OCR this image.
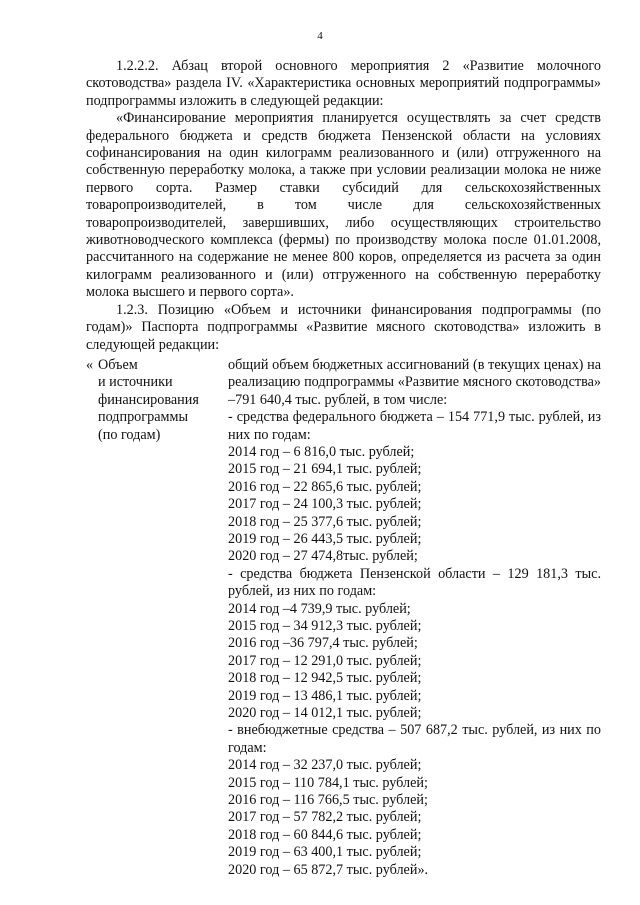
4

1.2.2.2. Абзац второй основного мероприятия 2 «Развитие молочного скотоводства» раздела IV. «Характеристика основных мероприятий подпрограммы» подпрограммы изложить в следующей редакции:

«Финансирование мероприятия планируется осуществлять за счет средств федерального бюджета и средств бюджета Пензенской области на условиях софинансирования на один килограмм реализованного и (или) отгруженного на собственную переработку молока, а также при условии реализации молока не ниже первого сорта. Размер ставки субсидий для сельскохозяйственных товаропроизводителей, в том числе для сельскохозяйственных товаропроизводителей, завершивших, либо осуществляющих строительство животноводческого комплекса (фермы) по производству молока после 01.01.2008, рассчитанного на содержание не менее 800 коров, определяется из расчета за один килограмм реализованного и (или) отгруженного на собственную переработку молока высшего и первого сорта».

1.2.3. Позицию «Объем и источники финансирования подпрограммы (по годам)» Паспорта подпрограммы «Развитие мясного скотоводства» изложить в следующей редакции:

« Объем
и источники
финансирования
подпрограммы
(по годам)
общий объем бюджетных ассигнований (в текущих ценах) на реализацию подпрограммы «Развитие мясного скотоводства» –791 640,4 тыс. рублей, в том числе:
- средства федерального бюджета – 154 771,9 тыс. рублей, из них по годам:
2014 год – 6 816,0 тыс. рублей;
2015 год – 21 694,1 тыс. рублей;
2016 год – 22 865,6 тыс. рублей;
2017 год – 24 100,3 тыс. рублей;
2018 год – 25 377,6 тыс. рублей;
2019 год – 26 443,5 тыс. рублей;
2020 год – 27 474,8тыс. рублей;
- средства бюджета Пензенской области – 129 181,3 тыс. рублей, из них по годам:
2014 год –4 739,9 тыс. рублей;
2015 год – 34 912,3 тыс. рублей;
2016 год –36 797,4 тыс. рублей;
2017 год – 12 291,0 тыс. рублей;
2018 год – 12 942,5 тыс. рублей;
2019 год – 13 486,1 тыс. рублей;
2020 год – 14 012,1 тыс. рублей;
- внебюджетные средства – 507 687,2 тыс. рублей, из них по годам:
2014 год – 32 237,0 тыс. рублей;
2015 год – 110 784,1 тыс. рублей;
2016 год – 116 766,5 тыс. рублей;
2017 год – 57 782,2 тыс. рублей;
2018 год – 60 844,6 тыс. рублей;
2019 год – 63 400,1 тыс. рублей;
2020 год – 65 872,7 тыс. рублей».
